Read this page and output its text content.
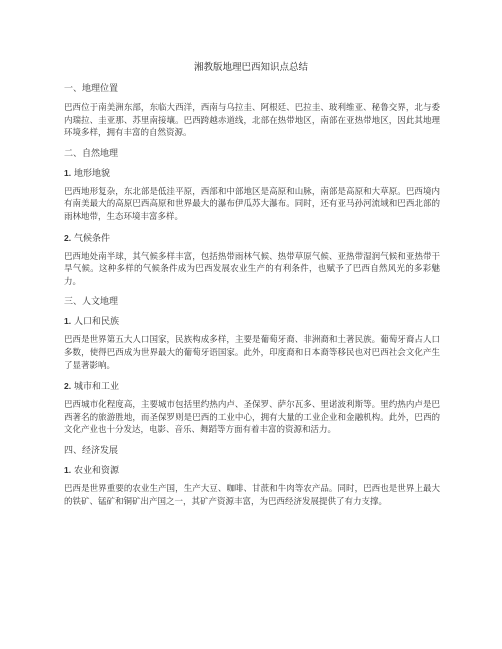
湘教版地理巴西知识点总结
一、地理位置

巴西位于南美洲东部，东临大西洋，西南与乌拉圭、阿根廷、巴拉圭、玻利维亚、秘鲁交界，北与委内瑞拉、圭亚那、苏里南接壤。巴西跨越赤道线，北部在热带地区，南部在亚热带地区，因此其地理环境多样，拥有丰富的自然资源。

二、自然地理
1. 地形地貌

巴西地形复杂，东北部是低洼平原，西部和中部地区是高原和山脉，南部是高原和大草原。巴西境内有南美最大的高原巴西高原和世界最大的瀑布伊瓜苏大瀑布。同时，还有亚马孙河流域和巴西北部的雨林地带，生态环境丰富多样。

2. 气候条件

巴西地处南半球，其气候多样丰富，包括热带雨林气候、热带草原气候、亚热带湿润气候和亚热带干旱气候。这种多样的气候条件成为巴西发展农业生产的有利条件，也赋予了巴西自然风光的多彩魅力。

三、人文地理
1. 人口和民族

巴西是世界第五大人口国家，民族构成多样，主要是葡萄牙裔、非洲裔和土著民族。葡萄牙裔占人口多数，使得巴西成为世界最大的葡萄牙语国家。此外，印度裔和日本裔等移民也对巴西社会文化产生了显著影响。

2. 城市和工业

巴西城市化程度高，主要城市包括里约热内卢、圣保罗、萨尔瓦多、里诺波利斯等。里约热内卢是巴西著名的旅游胜地，而圣保罗则是巴西的工业中心，拥有大量的工业企业和金融机构。此外，巴西的文化产业也十分发达，电影、音乐、舞蹈等方面有着丰富的资源和活力。

四、经济发展
1. 农业和资源

巴西是世界重要的农业生产国，生产大豆、咖啡、甘蔗和牛肉等农产品。同时，巴西也是世界上最大的铁矿、锰矿和铜矿出产国之一，其矿产资源丰富，为巴西经济发展提供了有力支撑。
